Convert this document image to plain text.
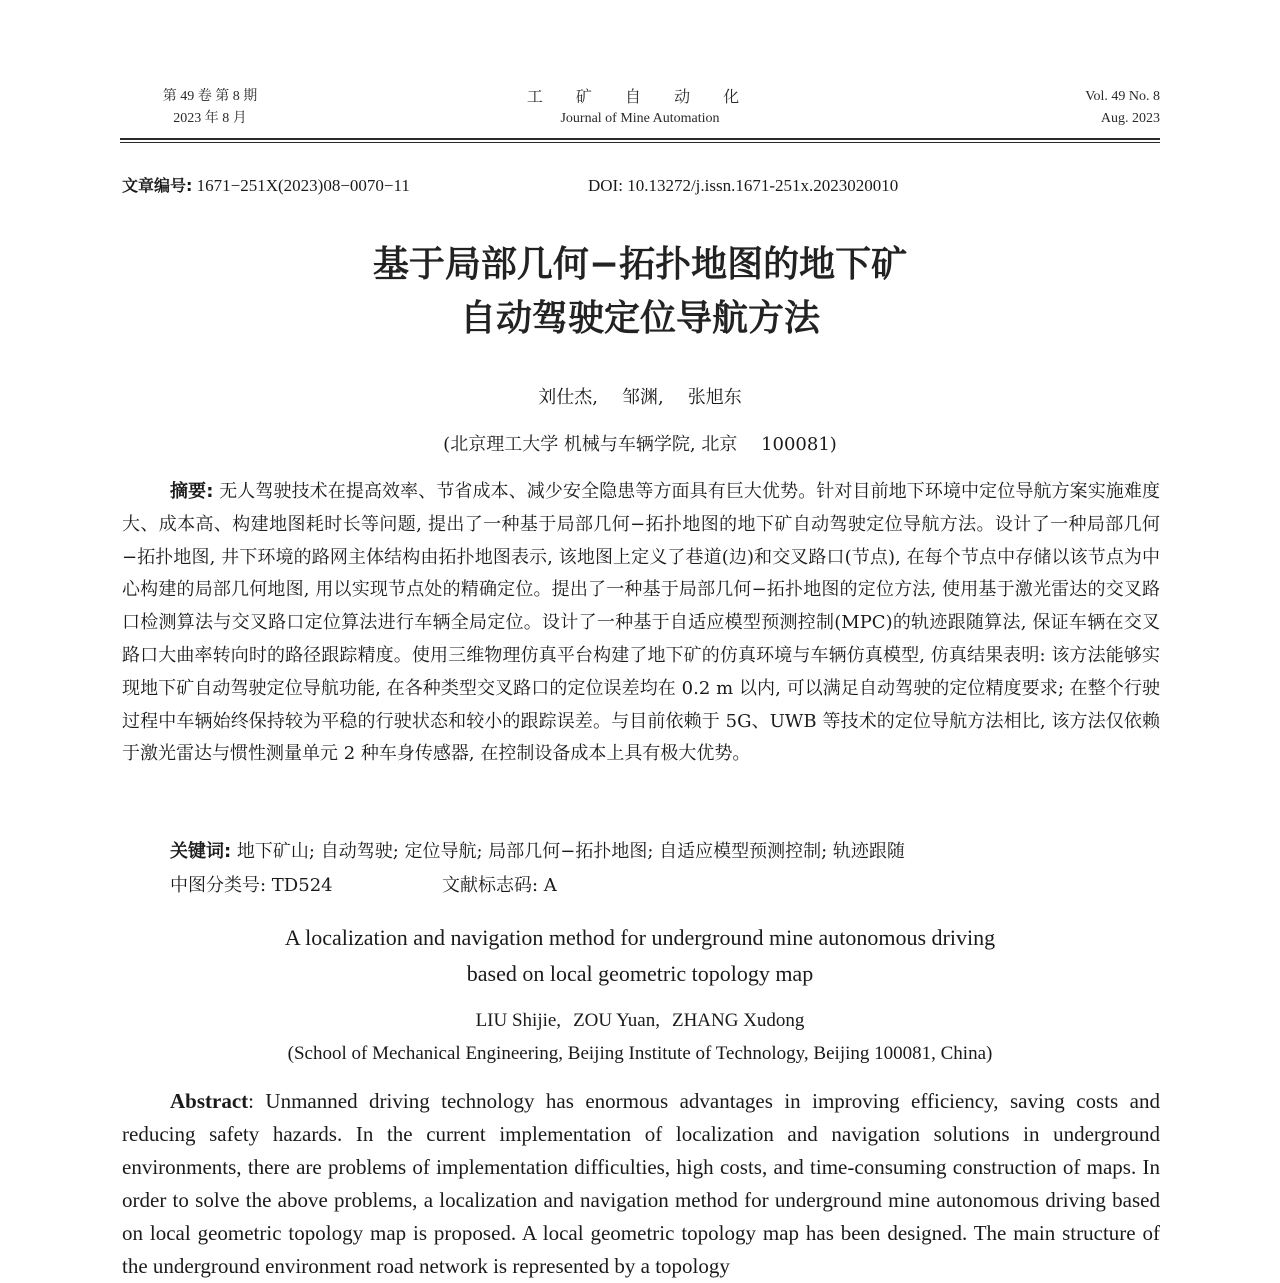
第 49 卷 第 8 期
2023 年 8 月
工 矿 自 动 化
Journal of Mine Automation
Vol. 49 No. 8
Aug. 2023
文章编号: 1671−251X(2023)08−0070−11	DOI: 10.13272/j.issn.1671-251x.2023020010
基于局部几何−拓扑地图的地下矿
自动驾驶定位导航方法
刘仕杰, 邹渊, 张旭东
(北京理工大学 机械与车辆学院, 北京 　100081)
摘要: 无人驾驶技术在提高效率、节省成本、减少安全隐患等方面具有巨大优势。针对目前地下环境中定位导航方案实施难度大、成本高、构建地图耗时长等问题, 提出了一种基于局部几何−拓扑地图的地下矿自动驾驶定位导航方法。设计了一种局部几何−拓扑地图, 井下环境的路网主体结构由拓扑地图表示, 该地图上定义了巷道(边)和交叉路口(节点), 在每个节点中存储以该节点为中心构建的局部几何地图, 用以实现节点处的精确定位。提出了一种基于局部几何−拓扑地图的定位方法, 使用基于激光雷达的交叉路口检测算法与交叉路口定位算法进行车辆全局定位。设计了一种基于自适应模型预测控制(MPC)的轨迹跟随算法, 保证车辆在交叉路口大曲率转向时的路径跟踪精度。使用三维物理仿真平台构建了地下矿的仿真环境与车辆仿真模型, 仿真结果表明: 该方法能够实现地下矿自动驾驶定位导航功能, 在各种类型交叉路口的定位误差均在 0.2 m 以内, 可以满足自动驾驶的定位精度要求; 在整个行驶过程中车辆始终保持较为平稳的行驶状态和较小的跟踪误差。与目前依赖于 5G、UWB 等技术的定位导航方法相比, 该方法仅依赖于激光雷达与惯性测量单元 2 种车身传感器, 在控制设备成本上具有极大优势。
关键词: 地下矿山; 自动驾驶; 定位导航; 局部几何−拓扑地图; 自适应模型预测控制; 轨迹跟随
中图分类号: TD524	文献标志码: A
A localization and navigation method for underground mine autonomous driving
based on local geometric topology map
LIU Shijie, ZOU Yuan, ZHANG Xudong
(School of Mechanical Engineering, Beijing Institute of Technology, Beijing 100081, China)
Abstract: Unmanned driving technology has enormous advantages in improving efficiency, saving costs and reducing safety hazards. In the current implementation of localization and navigation solutions in underground environments, there are problems of implementation difficulties, high costs, and time-consuming construction of maps. In order to solve the above problems, a localization and navigation method for underground mine autonomous driving based on local geometric topology map is proposed. A local geometric topology map has been designed. The main structure of the underground environment road network is represented by a topology
